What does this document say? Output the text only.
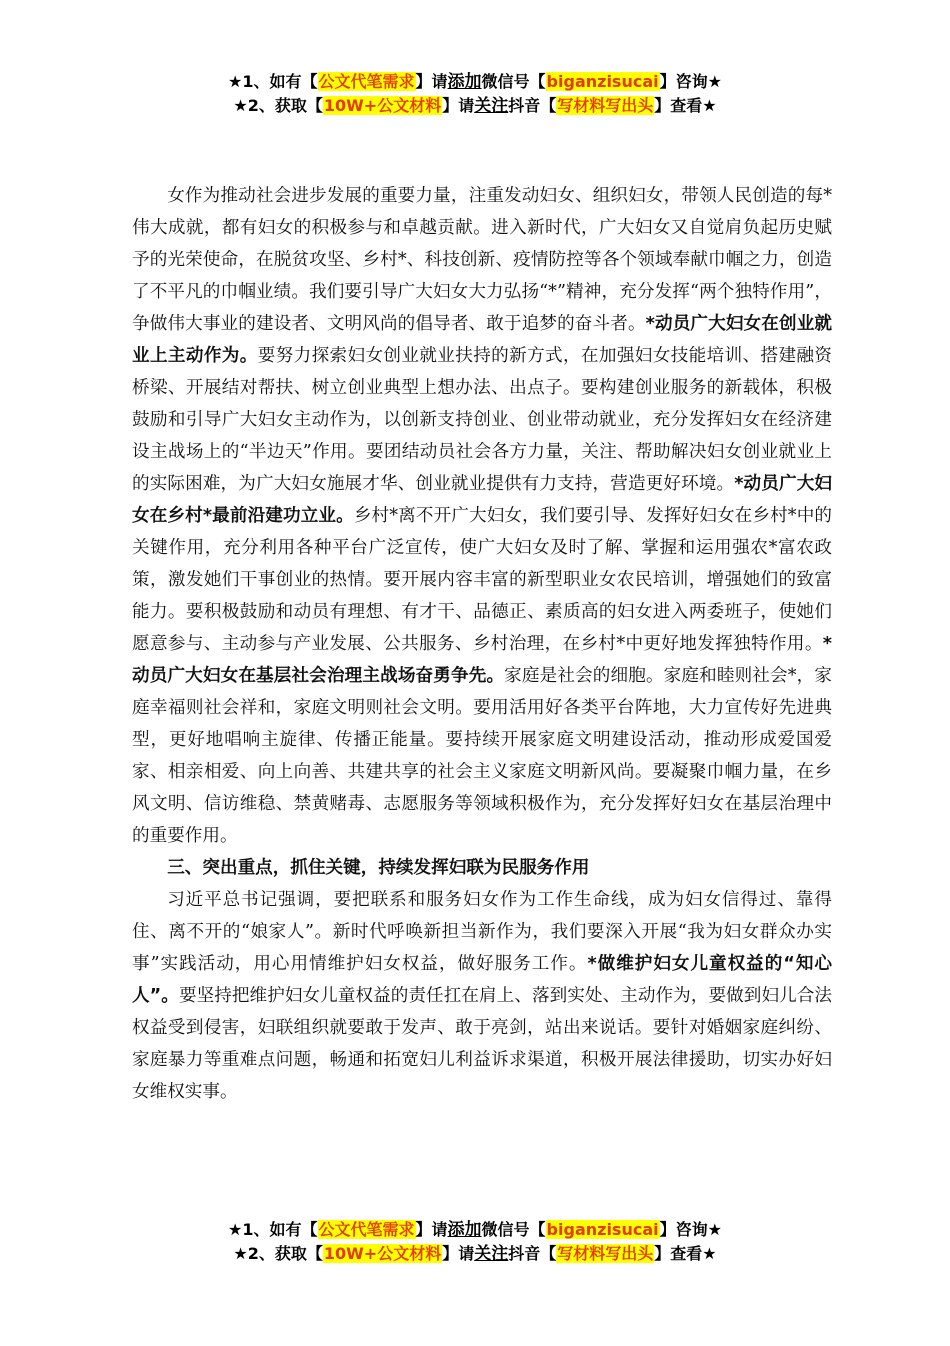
★1、如有【公文代笔需求】请添加微信号【biganzisucai】咨询★
★2、获取【10W+公文材料】请关注抖音【写材料写出头】查看★

女作为推动社会进步发展的重要力量，注重发动妇女、组织妇女，带领人民创造的每*伟大成就，都有妇女的积极参与和卓越贡献。进入新时代，广大妇女又自觉肩负起历史赋予的光荣使命，在脱贫攻坚、乡村*、科技创新、疫情防控等各个领域奉献巾帼之力，创造了不平凡的巾帼业绩。我们要引导广大妇女大力弘扬“*”精神，充分发挥“两个独特作用”，争做伟大事业的建设者、文明风尚的倡导者、敢于追梦的奋斗者。*动员广大妇女在创业就业上主动作为。要努力探索妇女创业就业扶持的新方式，在加强妇女技能培训、搭建融资桥梁、开展结对帮扶、树立创业典型上想办法、出点子。要构建创业服务的新载体，积极鼓励和引导广大妇女主动作为，以创新支持创业、创业带动就业，充分发挥妇女在经济建设主战场上的“半边天”作用。要团结动员社会各方力量，关注、帮助解决妇女创业就业上的实际困难，为广大妇女施展才华、创业就业提供有力支持，营造更好环境。*动员广大妇女在乡村*最前沿建功立业。乡村*离不开广大妇女，我们要引导、发挥好妇女在乡村*中的关键作用，充分利用各种平台广泛宣传，使广大妇女及时了解、掌握和运用强农*富农政策，激发她们干事创业的热情。要开展内容丰富的新型职业女农民培训，增强她们的致富能力。要积极鼓励和动员有理想、有才干、品德正、素质高的妇女进入两委班子，使她们愿意参与、主动参与产业发展、公共服务、乡村治理，在乡村*中更好地发挥独特作用。*动员广大妇女在基层社会治理主战场奋勇争先。家庭是社会的细胞。家庭和睦则社会*，家庭幸福则社会祥和，家庭文明则社会文明。要用活用好各类平台阵地，大力宣传好先进典型，更好地唱响主旋律、传播正能量。要持续开展家庭文明建设活动，推动形成爱国爱家、相亲相爱、向上向善、共建共享的社会主义家庭文明新风尚。要凝聚巾帼力量，在乡风文明、信访维稳、禁黄赌毒、志愿服务等领域积极作为，充分发挥好妇女在基层治理中的重要作用。

三、突出重点，抓住关键，持续发挥妇联为民服务作用

习近平总书记强调，要把联系和服务妇女作为工作生命线，成为妇女信得过、靠得住、离不开的“娘家人”。新时代呼唤新担当新作为，我们要深入开展“我为妇女群众办实事”实践活动，用心用情维护妇女权益，做好服务工作。*做维护妇女儿童权益的“知心人”。要坚持把维护妇女儿童权益的责任扛在肩上、落到实处、主动作为，要做到妇儿合法权益受到侵害，妇联组织就要敢于发声、敢于亮剑，站出来说话。要针对婚姻家庭纠纷、家庭暴力等重难点问题，畅通和拓宽妇儿利益诉求渠道，积极开展法律援助，切实办好妇女维权实事。

★1、如有【公文代笔需求】请添加微信号【biganzisucai】咨询★
★2、获取【10W+公文材料】请关注抖音【写材料写出头】查看★
